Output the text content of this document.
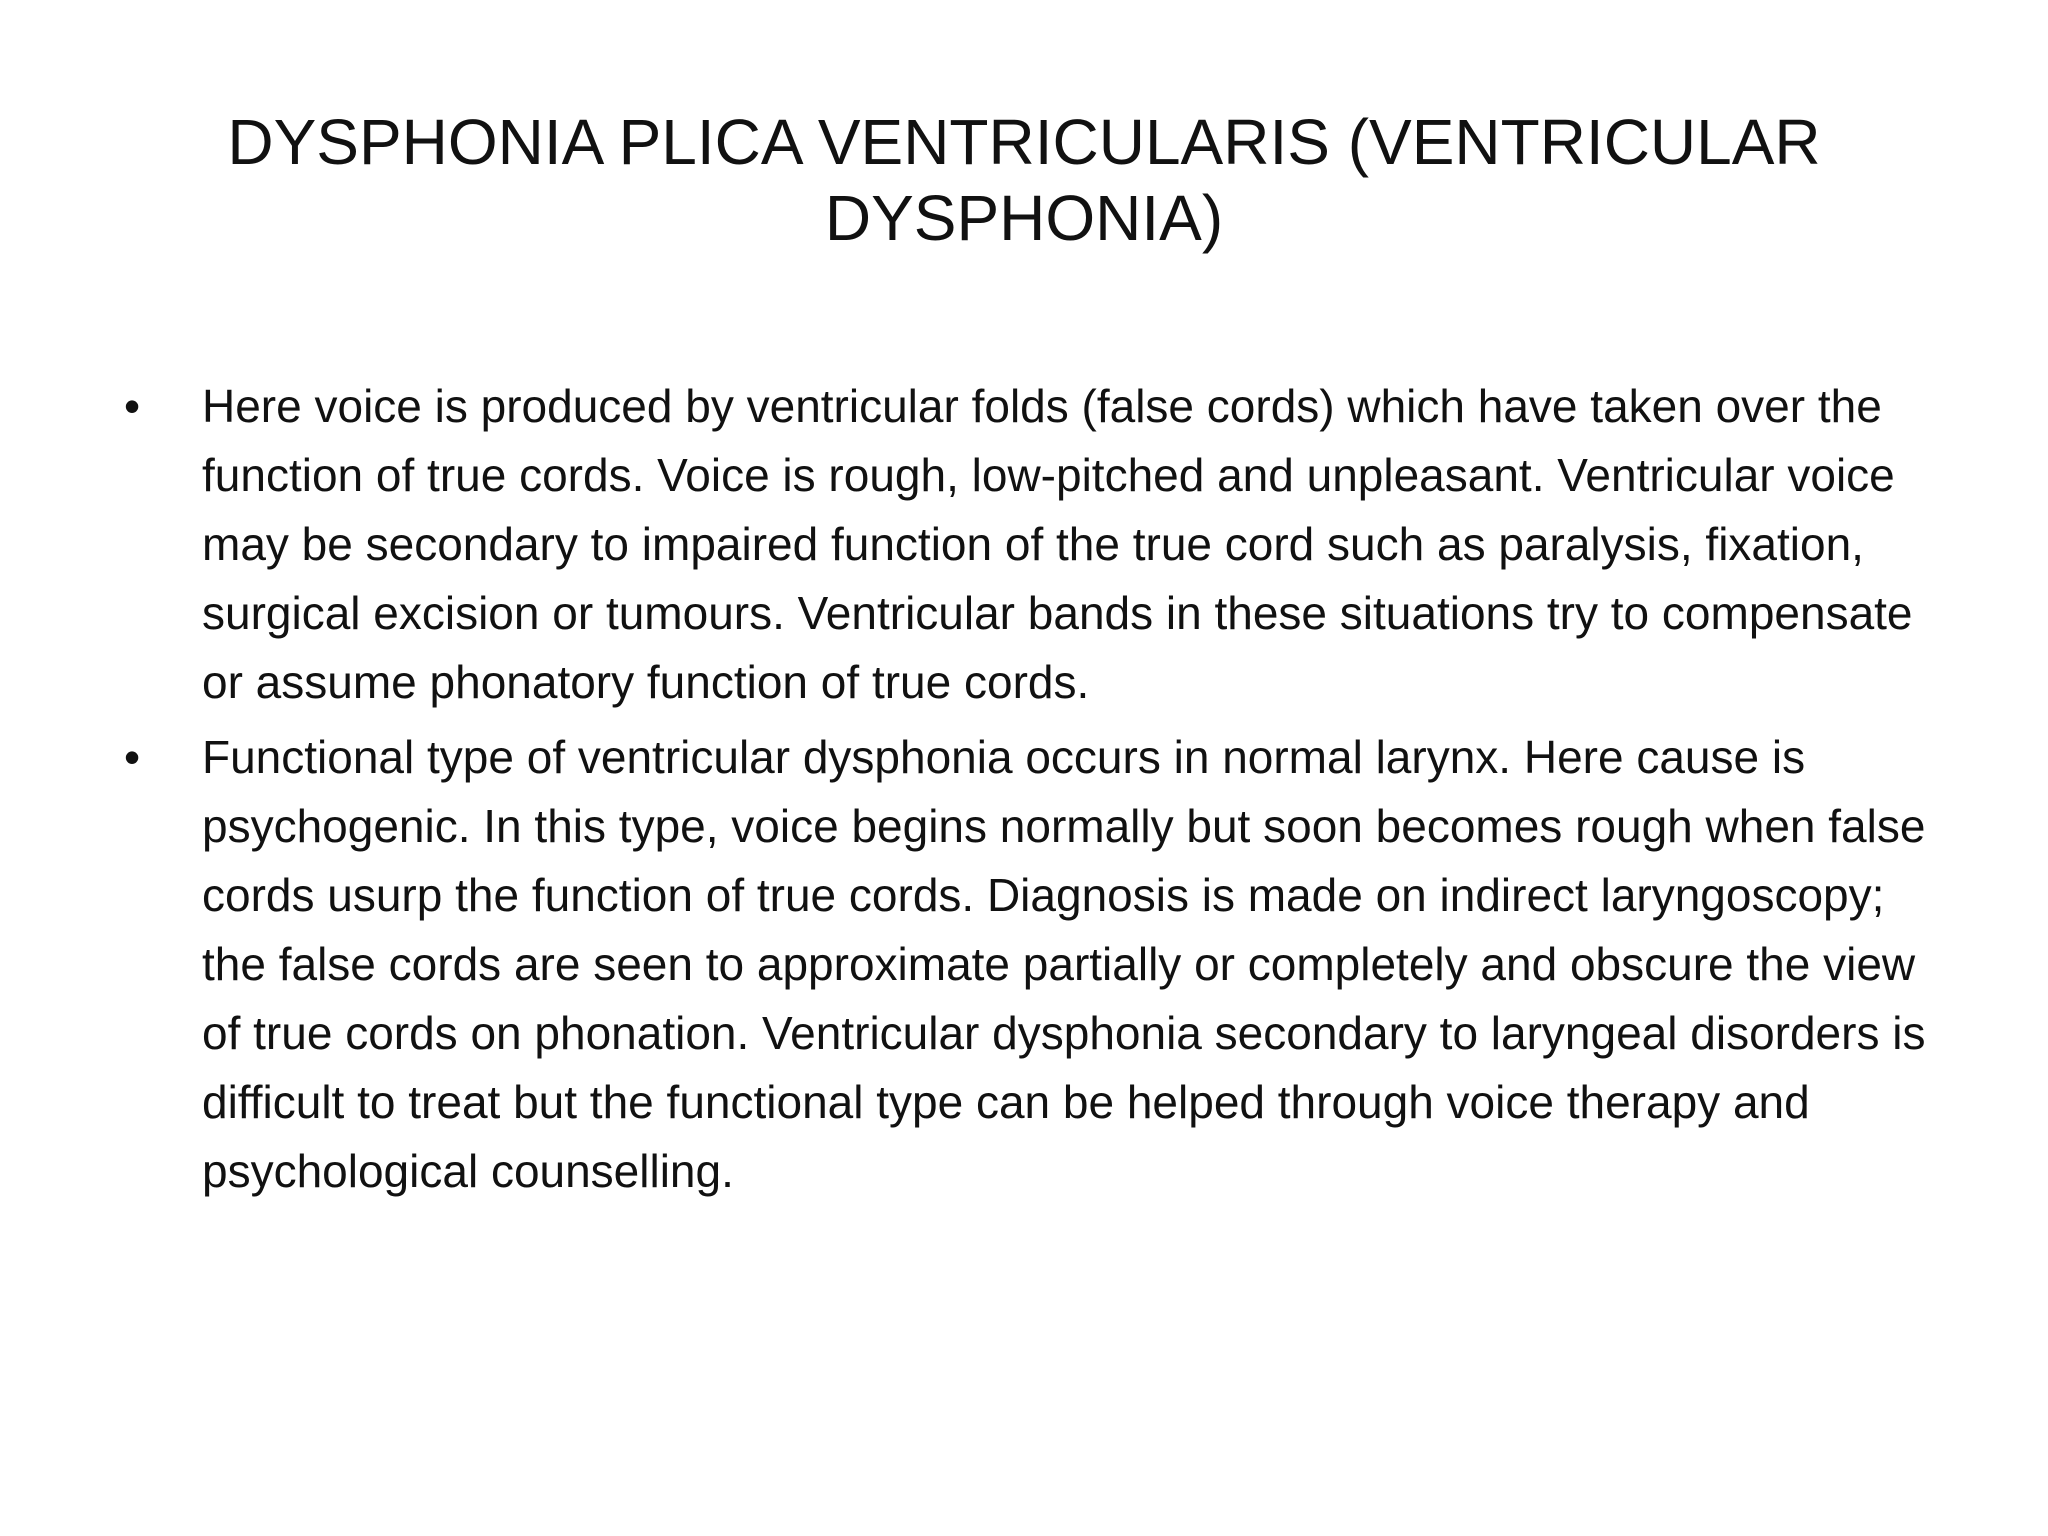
DYSPHONIA PLICA VENTRICULARIS (VENTRICULAR DYSPHONIA)
• Here voice is produced by ventricular folds (false cords) which have taken over the function of true cords. Voice is rough, low-pitched and unpleasant. Ventricular voice may be secondary to impaired function of the true cord such as paralysis, fixation, surgical excision or tumours. Ventricular bands in these situations try to compensate or assume phonatory function of true cords.
• Functional type of ventricular dysphonia occurs in normal larynx. Here cause is psychogenic. In this type, voice begins normally but soon becomes rough when false cords usurp the function of true cords. Diagnosis is made on indirect laryngoscopy; the false cords are seen to approximate partially or completely and obscure the view of true cords on phonation. Ventricular dysphonia secondary to laryngeal disorders is difficult to treat but the functional type can be helped through voice therapy and psychological counselling.
